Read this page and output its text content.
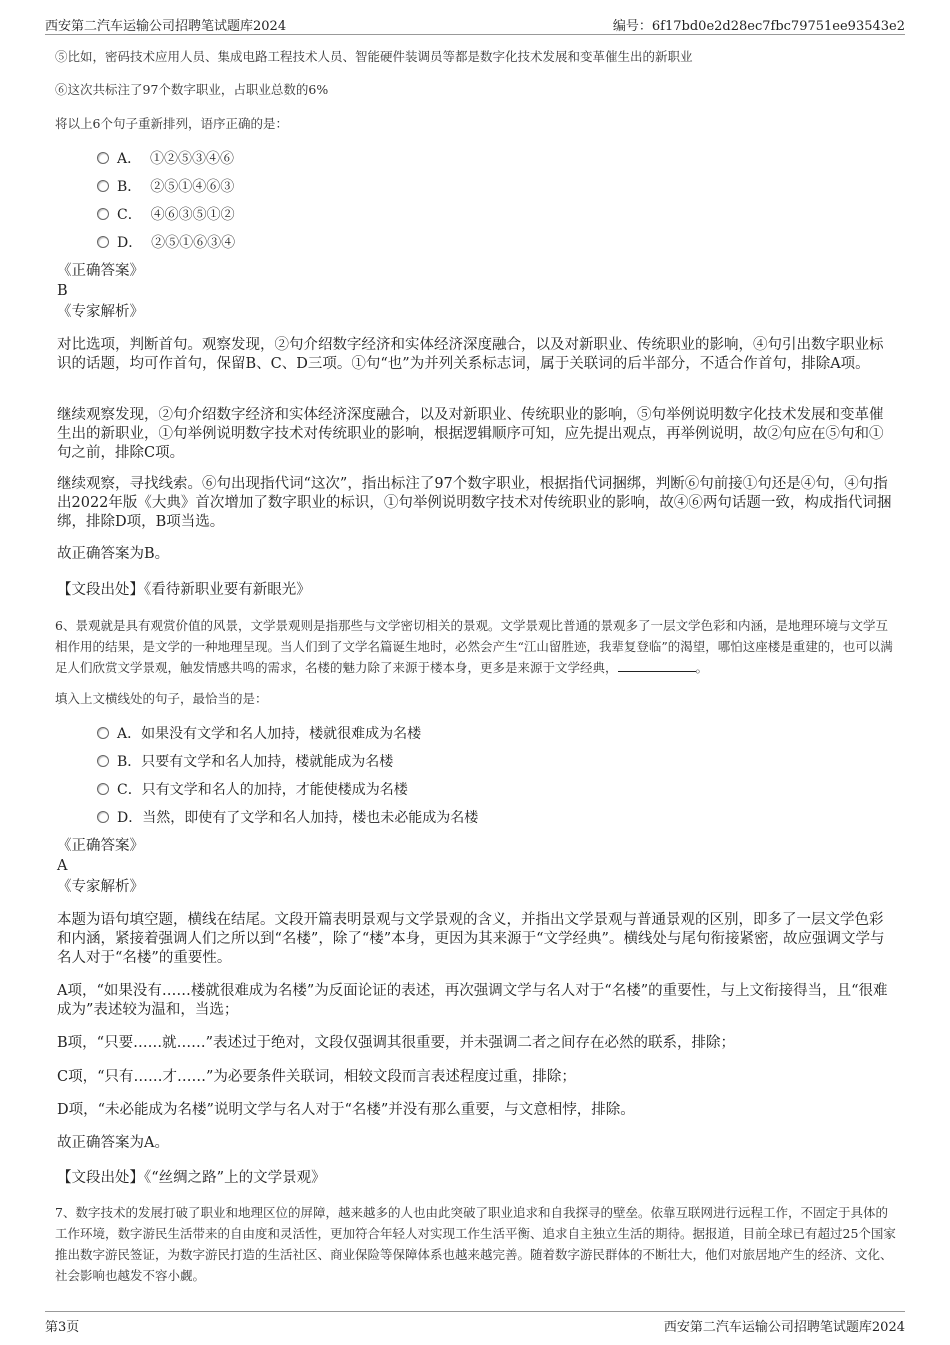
西安第二汽车运输公司招聘笔试题库2024	编号：6f17bd0e2d28ec7fbc79751ee93543e2
⑤比如，密码技术应用人员、集成电路工程技术人员、智能硬件装调员等都是数字化技术发展和变革催生出的新职业
⑥这次共标注了97个数字职业，占职业总数的6%
将以上6个句子重新排列，语序正确的是：
A． ①②⑤③④⑥
B． ②⑤①④⑥③
C． ④⑥③⑤①②
D． ②⑤①⑥③④
《正确答案》
B
《专家解析》
对比选项，判断首句。观察发现，②句介绍数字经济和实体经济深度融合，以及对新职业、传统职业的影响，④句引出数字职业标识的话题，均可作首句，保留B、C、D三项。①句“也”为并列关系标志词，属于关联词的后半部分，不适合作首句，排除A项。
继续观察发现，②句介绍数字经济和实体经济深度融合，以及对新职业、传统职业的影响，⑤句举例说明数字化技术发展和变革催生出的新职业，①句举例说明数字技术对传统职业的影响，根据逻辑顺序可知，应先提出观点，再举例说明，故②句应在⑤句和①句之前，排除C项。
继续观察，寻找线索。⑥句出现指代词“这次”，指出标注了97个数字职业，根据指代词捆绑，判断⑥句前接①句还是④句，④句指出2022年版《大典》首次增加了数字职业的标识，①句举例说明数字技术对传统职业的影响，故④⑥两句话题一致，构成指代词捆绑，排除D项，B项当选。
故正确答案为B。
【文段出处】《看待新职业要有新眼光》
6、景观就是具有观赏价值的风景，文学景观则是指那些与文学密切相关的景观。文学景观比普通的景观多了一层文学色彩和内涵，是地理环境与文学互相作用的结果，是文学的一种地理呈现。当人们到了文学名篇诞生地时，必然会产生“江山留胜迹，我辈复登临”的渴望，哪怕这座楼是重建的，也可以满足人们欣赏文学景观，触发情感共鸣的需求，名楼的魅力除了来源于楼本身，更多是来源于文学经典，	。
填入上文横线处的句子，最恰当的是：
A．如果没有文学和名人加持，楼就很难成为名楼
B．只要有文学和名人加持，楼就能成为名楼
C．只有文学和名人的加持，才能使楼成为名楼
D．当然，即使有了文学和名人加持，楼也未必能成为名楼
《正确答案》
A
《专家解析》
本题为语句填空题，横线在结尾。文段开篇表明景观与文学景观的含义，并指出文学景观与普通景观的区别，即多了一层文学色彩和内涵，紧接着强调人们之所以到“名楼”，除了“楼”本身，更因为其来源于“文学经典”。横线处与尾句衔接紧密，故应强调文学与名人对于“名楼”的重要性。
A项，“如果没有……楼就很难成为名楼”为反面论证的表述，再次强调文学与名人对于“名楼”的重要性，与上文衔接得当，且“很难成为”表述较为温和，当选；
B项，“只要……就……”表述过于绝对，文段仅强调其很重要，并未强调二者之间存在必然的联系，排除；
C项，“只有……才……”为必要条件关联词，相较文段而言表述程度过重，排除；
D项，“未必能成为名楼”说明文学与名人对于“名楼”并没有那么重要，与文意相悖，排除。
故正确答案为A。
【文段出处】《“丝绸之路”上的文学景观》
7、数字技术的发展打破了职业和地理区位的屏障，越来越多的人也由此突破了职业追求和自我探寻的壁垒。依靠互联网进行远程工作，不固定于具体的工作环境，数字游民生活带来的自由度和灵活性，更加符合年轻人对实现工作生活平衡、追求自主独立生活的期待。据报道，目前全球已有超过25个国家推出数字游民签证，为数字游民打造的生活社区、商业保险等保障体系也越来越完善。随着数字游民群体的不断壮大，他们对旅居地产生的经济、文化、社会影响也越发不容小觑。
第3页	西安第二汽车运输公司招聘笔试题库2024
